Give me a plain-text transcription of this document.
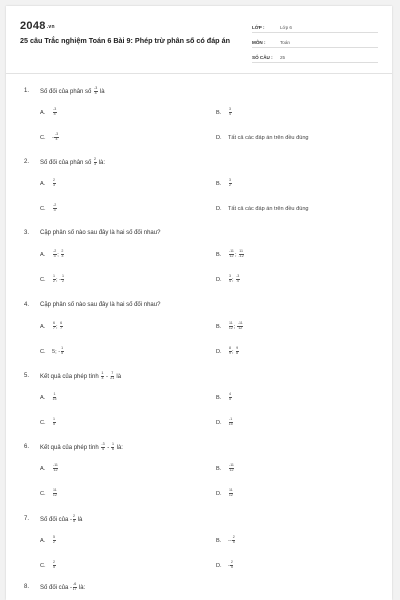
$2048^{.vn}$
25 câu Trắc nghiệm Toán 6 Bài 9: Phép trừ phân số có đáp án
LỚP :	Lớp 6
MÔN :	Toán
SỐ CÂU :	25
1.	Số đối của phân số $\frac{-3}{4}$ là
A.	$\frac{-3}{4}$	B.	$\frac{3}{4}$
C.	- $\frac{-3}{4}$	D.	Tất cả các đáp án trên đều đúng
2.	Số đối của phân số $\frac{2}{3}$ là:
A.	$\frac{2}{3}$	B.	$\frac{3}{2}$
C.	$\frac{-2}{3}$	D.	Tất cả các đáp án trên đều đúng
3.	Cặp phân số nào sau đây là hai số đối nhau?
A.	$\frac{-2}{3}$ ; $\frac{2}{3}$	B.	$\frac{-11}{12}$ ; $\frac{11}{-12}$
C.	$\frac{1}{2}$ ; - $\frac{1}{2}$	D.	$\frac{3}{4}$ ; $\frac{-3}{4}$
4.	Cặp phân số nào sau đây là hai số đối nhau?
A.	$\frac{6}{7}$ ; $\frac{6}{7}$	B.	$\frac{11}{12}$ ; $\frac{-11}{12}$
C.	5; - $\frac{1}{5}$	D.	$\frac{8}{9}$ ; $\frac{9}{8}$
5.	Kết quả của phép tính $\frac{1}{3} - \frac{7}{21}$ là
A.	$\frac{1}{15}$	B.	$\frac{4}{5}$
C.	$\frac{1}{5}$	D.	$\frac{-1}{15}$
6.	Kết quả của phép tính $\frac{-3}{4} - \frac{1}{6}$ là:
A.	$\frac{-11}{12}$	B.	$\frac{-11}{12}$
C.	$\frac{11}{12}$	D.	$\frac{11}{12}$
7.	Số đối của - $\frac{2}{5}$ là
A.	$\frac{5}{2}$	B.	-- $\frac{2}{5}$
C.	$\frac{2}{5}$	D.	- $\frac{2}{5}$
8.	Số đối của - $\frac{-6}{17}$ là:
